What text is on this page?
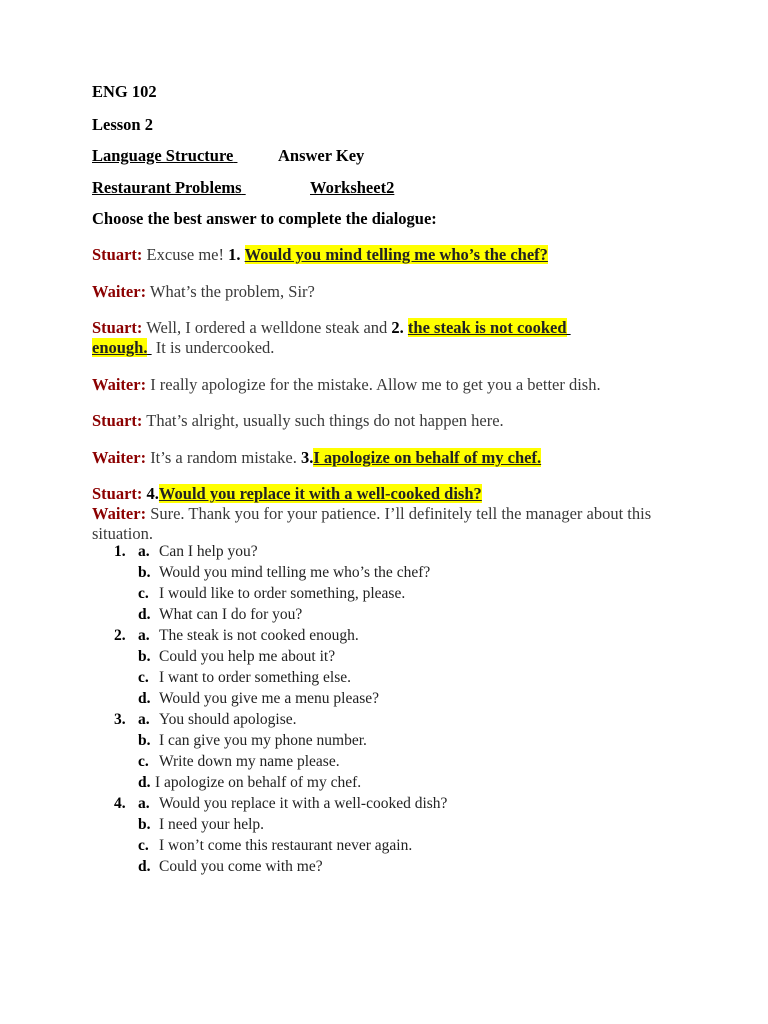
ENG 102
Lesson 2
Language Structure	Answer Key
Restaurant Problems	Worksheet2
Choose the best answer to complete the dialogue:
Stuart: Excuse me! 1. Would you mind telling me who’s the chef?
Waiter: What’s the problem, Sir?
Stuart: Well, I ordered a welldone steak and 2. the steak is not cooked
enough. It is undercooked.
Waiter: I really apologize for the mistake. Allow me to get you a better dish.
Stuart: That’s alright, usually such things do not happen here.
Waiter: It’s a random mistake. 3.I apologize on behalf of my chef.
Stuart: 4.Would you replace it with a well-cooked dish?
Waiter: Sure. Thank you for your patience. I’ll definitely tell the manager about this situation.
1. a. Can I help you?
b. Would you mind telling me who’s the chef?
c. I would like to order something, please.
d. What can I do for you?
2. a. The steak is not cooked enough.
b. Could you help me about it?
c. I want to order something else.
d. Would you give me a menu please?
3. a. You should apologise.
b. I can give you my phone number.
c. Write down my name please.
d. I apologize on behalf of my chef.
4. a. Would you replace it with a well-cooked dish?
b. I need your help.
c. I won’t come this restaurant never again.
d. Could you come with me?
